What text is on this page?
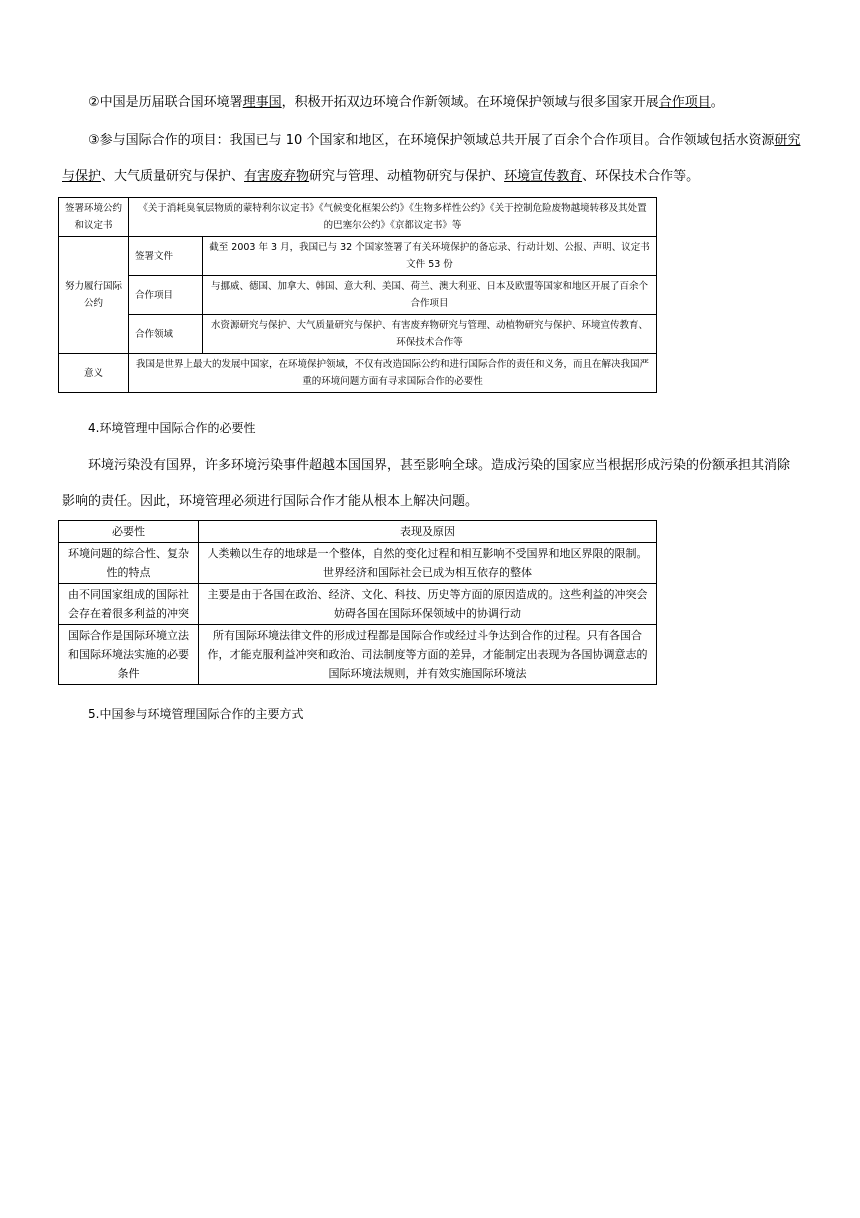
②中国是历届联合国环境署理事国，积极开拓双边环境合作新领域。在环境保护领域与很多国家开展合作项目。

③参与国际合作的项目：我国已与 10 个国家和地区，在环境保护领域总共开展了百余个合作项目。合作领域包括水资源研究与保护、大气质量研究与保护、有害废弃物研究与管理、动植物研究与保护、环境宣传教育、环保技术合作等。

签署环境公约和议定书	《关于消耗臭氧层物质的蒙特利尔议定书》《气候变化框架公约》《生物多样性公约》《关于控制危险废物越境转移及其处置的巴塞尔公约》《京都议定书》等	
努力履行国际公约	签署文件	截至 2003 年 3 月，我国已与 32 个国家签署了有关环境保护的备忘录、行动计划、公报、声明、议定书文件 53 份
	合作项目	与挪威、德国、加拿大、韩国、意大利、美国、荷兰、澳大利亚、日本及欧盟等国家和地区开展了百余个合作项目
	合作领域	水资源研究与保护、大气质量研究与保护、有害废弃物研究与管理、动植物研究与保护、环境宣传教育、环保技术合作等
意义	我国是世界上最大的发展中国家，在环境保护领域，不仅有改造国际公约和进行国际合作的责任和义务，而且在解决我国严重的环境问题方面有寻求国际合作的必要性	

4.环境管理中国际合作的必要性

环境污染没有国界，许多环境污染事件超越本国国界，甚至影响全球。造成污染的国家应当根据形成污染的份额承担其消除影响的责任。因此，环境管理必须进行国际合作才能从根本上解决问题。

必要性	表现及原因
环境问题的综合性、复杂性的特点	人类赖以生存的地球是一个整体，自然的变化过程和相互影响不受国界和地区界限的限制。世界经济和国际社会已成为相互依存的整体
由不同国家组成的国际社会存在着很多利益的冲突	主要是由于各国在政治、经济、文化、科技、历史等方面的原因造成的。这些利益的冲突会妨碍各国在国际环保领域中的协调行动
国际合作是国际环境立法和国际环境法实施的必要条件	所有国际环境法律文件的形成过程都是国际合作或经过斗争达到合作的过程。只有各国合作，才能克服利益冲突和政治、司法制度等方面的差异，才能制定出表现为各国协调意志的国际环境法规则，并有效实施国际环境法

5.中国参与环境管理国际合作的主要方式
